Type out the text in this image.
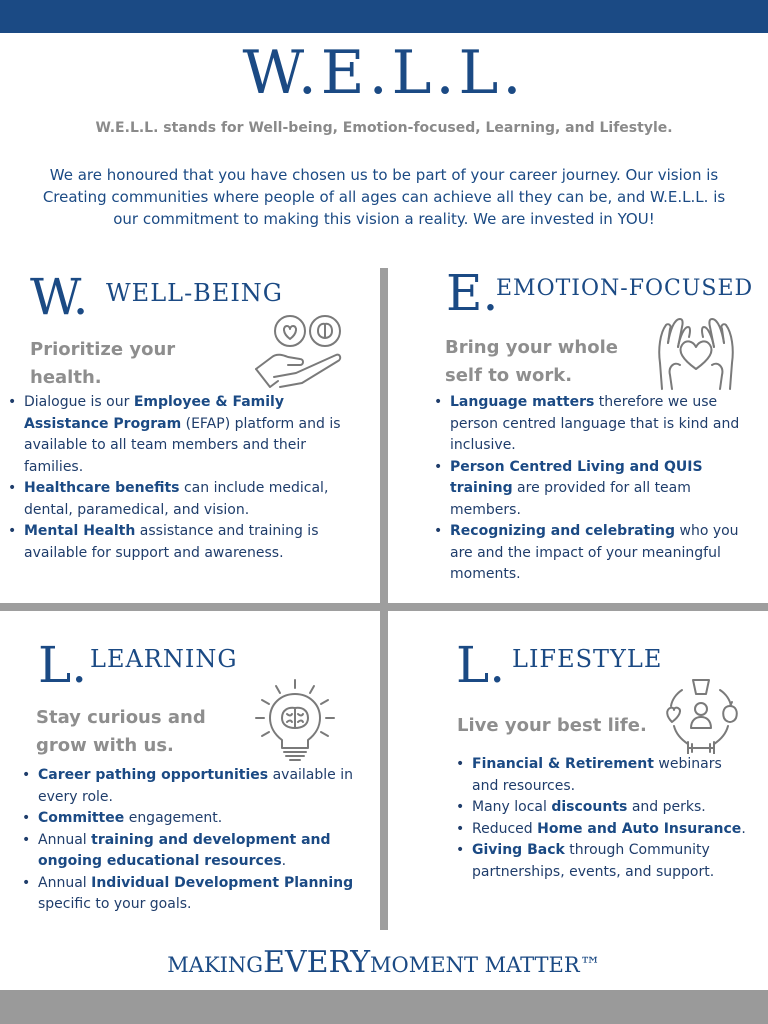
W.E.L.L.
W.E.L.L. stands for Well-being, Emotion-focused, Learning, and Lifestyle.
We are honoured that you have chosen us to be part of your career journey. Our vision is Creating communities where people of all ages can achieve all they can be, and W.E.L.L. is our commitment to making this vision a reality. We are invested in YOU!
W. WELL-BEING
Prioritize your
health.
• Dialogue is our Employee & Family Assistance Program (EFAP) platform and is available to all team members and their families.
• Healthcare benefits can include medical, dental, paramedical, and vision.
• Mental Health assistance and training is available for support and awareness.
E.
EMOTION-FOCUSED
Bring your whole
self to work.
• Language matters therefore we use person centred language that is kind and inclusive.
• Person Centred Living and QUIS training are provided for all team members.
• Recognizing and celebrating who you are and the impact of your meaningful moments.
L. LEARNING
Stay curious and
grow with us.
• Career pathing opportunities available in every role.
• Committee engagement.
• Annual training and development and ongoing educational resources.
• Annual Individual Development Planning specific to your goals.
L. LIFESTYLE
Live your best life.
• Financial & Retirement webinars and resources.
• Many local discounts and perks.
• Reduced Home and Auto Insurance.
• Giving Back through Community partnerships, events, and support.
MAKINGEVERYMOMENT MATTER™
